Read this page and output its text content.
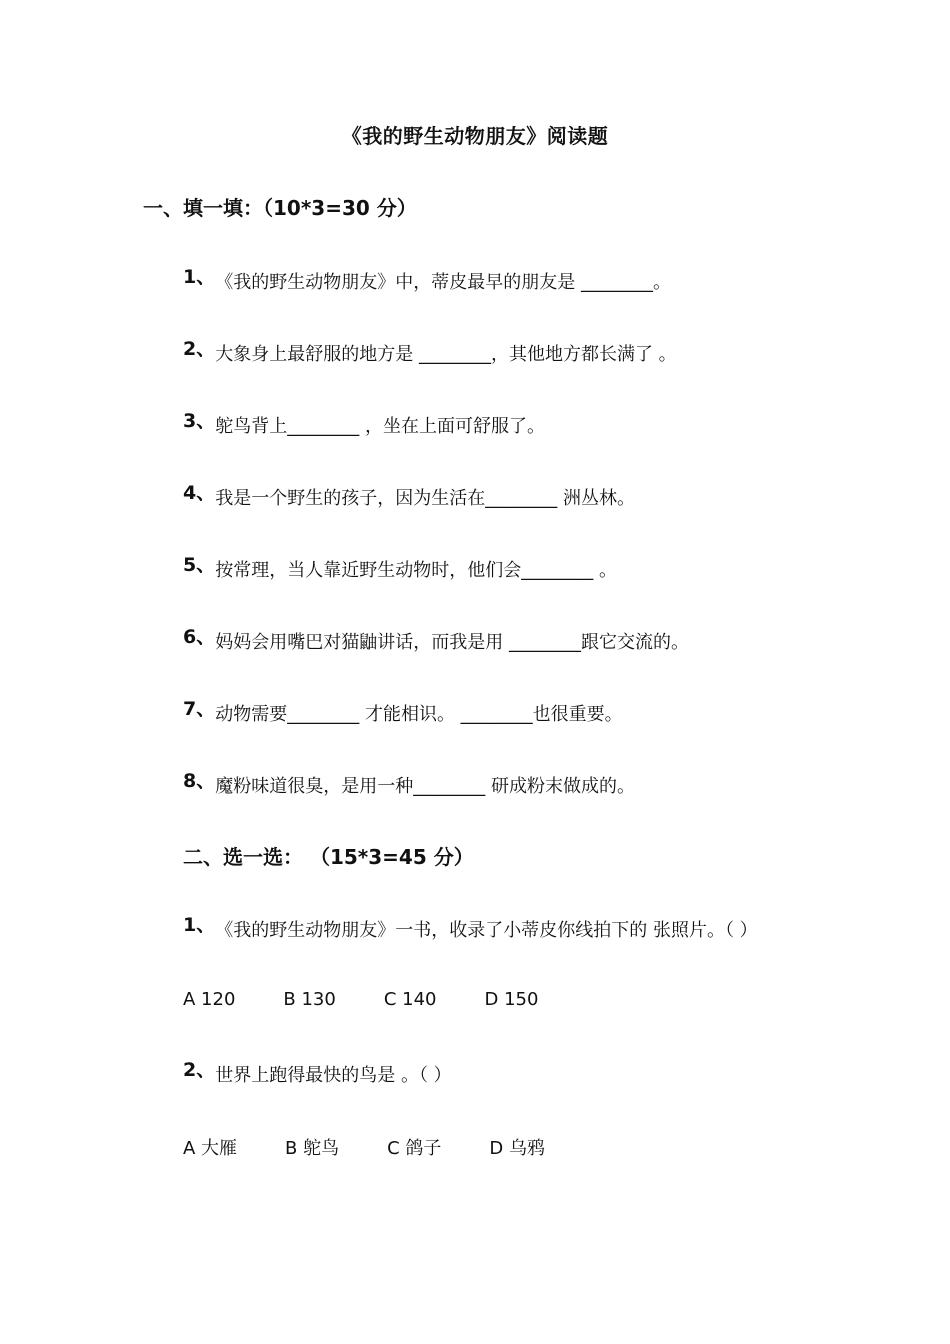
《我的野生动物朋友》阅读题
一、填一填：（10*3=30 分）
1、《我的野生动物朋友》中，蒂皮最早的朋友是 ________。
2、大象身上最舒服的地方是 ________，其他地方都长满了 。
3、鸵鸟背上________ ，坐在上面可舒服了。
4、我是一个野生的孩子，因为生活在________ 洲丛林。
5、按常理，当人靠近野生动物时，他们会________ 。
6、妈妈会用嘴巴对猫鼬讲话，而我是用 ________跟它交流的。
7、动物需要________ 才能相识。 ________也很重要。
8、魔粉味道很臭，是用一种________ 研成粉末做成的。
二、选一选： （15*3=45 分）
1、《我的野生动物朋友》一书，收录了小蒂皮你线拍下的 张照片。（ ）
A 120	B 130	C 140	D 150
2、世界上跑得最快的鸟是 。（ ）
A 大雁	B 鸵鸟	C 鸽子	D 乌鸦
